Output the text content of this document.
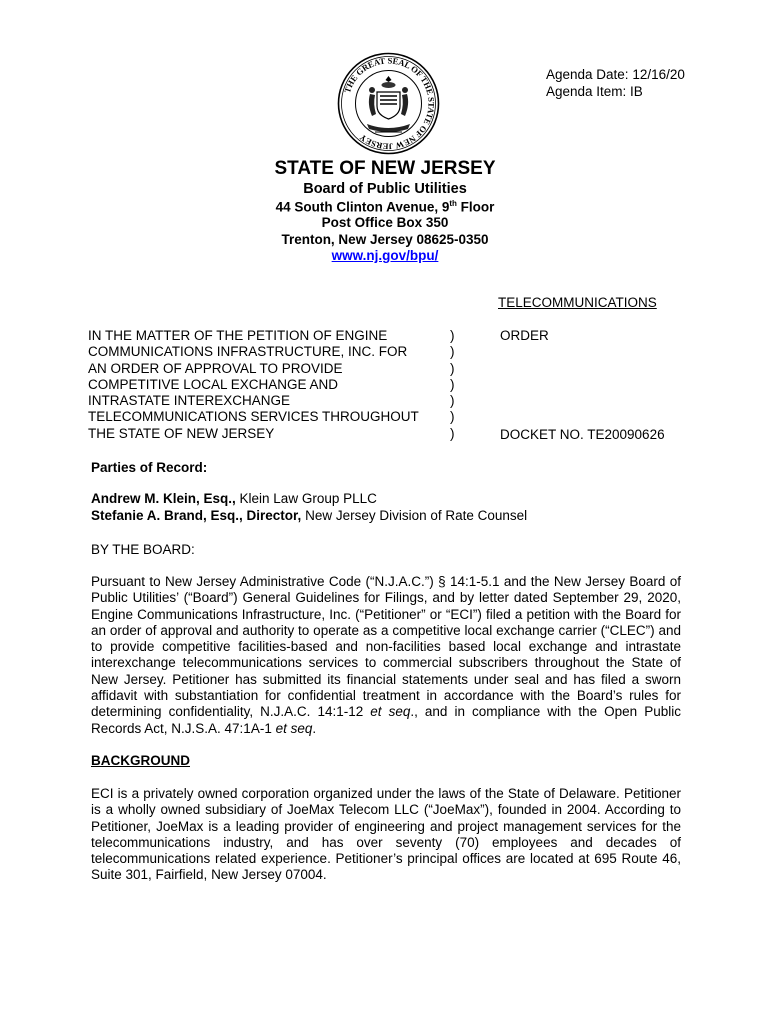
THE GREAT SEAL OF THE STATE OF NEW JERSEY
Agenda Date: 12/16/20
Agenda Item: IB
STATE OF NEW JERSEY
Board of Public Utilities
44 South Clinton Avenue, 9th Floor
Post Office Box 350
Trenton, New Jersey 08625-0350
www.nj.gov/bpu/
TELECOMMUNICATIONS
IN THE MATTER OF THE PETITION OF ENGINE
COMMUNICATIONS INFRASTRUCTURE, INC. FOR
AN ORDER OF APPROVAL TO PROVIDE
COMPETITIVE LOCAL EXCHANGE AND
INTRASTATE INTEREXCHANGE
TELECOMMUNICATIONS SERVICES THROUGHOUT
THE STATE OF NEW JERSEY
)
)
)
)
)
)
)
ORDER
DOCKET NO. TE20090626
Parties of Record:
Andrew M. Klein, Esq., Klein Law Group PLLC
Stefanie A. Brand, Esq., Director, New Jersey Division of Rate Counsel
BY THE BOARD:
Pursuant to New Jersey Administrative Code (“N.J.A.C.”) § 14:1-5.1 and the New Jersey Board of Public Utilities’ (“Board”) General Guidelines for Filings, and by letter dated September 29, 2020, Engine Communications Infrastructure, Inc. (“Petitioner” or “ECI”) filed a petition with the Board for an order of approval and authority to operate as a competitive local exchange carrier (“CLEC”) and to provide competitive facilities-based and non-facilities based local exchange and intrastate interexchange telecommunications services to commercial subscribers throughout the State of New Jersey. Petitioner has submitted its financial statements under seal and has filed a sworn affidavit with substantiation for confidential treatment in accordance with the Board’s rules for determining confidentiality, N.J.A.C. 14:1-12 et seq., and in compliance with the Open Public Records Act, N.J.S.A. 47:1A-1 et seq.
BACKGROUND
ECI is a privately owned corporation organized under the laws of the State of Delaware. Petitioner is a wholly owned subsidiary of JoeMax Telecom LLC (“JoeMax”), founded in 2004. According to Petitioner, JoeMax is a leading provider of engineering and project management services for the telecommunications industry, and has over seventy (70) employees and decades of telecommunications related experience. Petitioner’s principal offices are located at 695 Route 46, Suite 301, Fairfield, New Jersey 07004.
